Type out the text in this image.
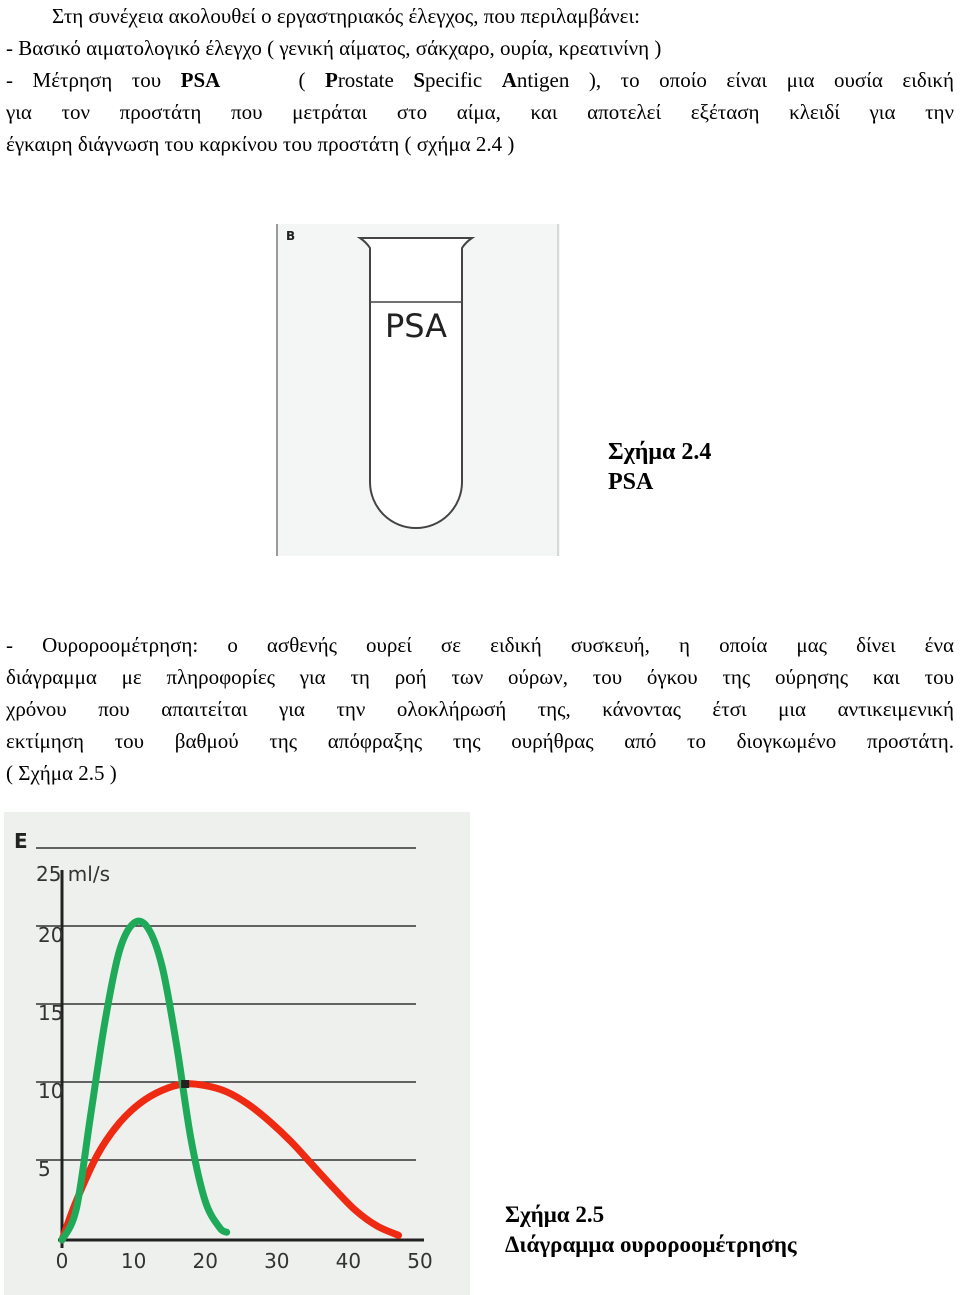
Στη συνέχεια ακολουθεί ο εργαστηριακός έλεγχος, που περιλαμβάνει:
- Βασικό αιματολογικό έλεγχο ( γενική αίματος, σάκχαρο, ουρία, κρεατινίνη )
- Μέτρηση του PSA    ( Prostate Specific Antigen ), το οποίο είναι μια ουσία ειδική
για τον προστάτη που μετράται στο αίμα, και αποτελεί εξέταση κλειδί για την
έγκαιρη διάγνωση του καρκίνου του προστάτη ( σχήμα 2.4 )
B
PSA
Σχήμα 2.4
PSA
- Ουροροομέτρηση: ο ασθενής ουρεί σε ειδική συσκευή, η οποία μας δίνει ένα
διάγραμμα με πληροφορίες για τη ροή των ούρων, του όγκου της ούρησης και του
χρόνου που απαιτείται για την ολοκλήρωσή της, κάνοντας έτσι μια αντικειμενική
εκτίμηση του βαθμού της απόφραξης της ουρήθρας από το διογκωμένο προστάτη.
( Σχήμα 2.5 )
E
25 ml/s
5
10
15
20
0	10 20 30 40 50
Σχήμα 2.5
Διάγραμμα ουροροομέτρησης
